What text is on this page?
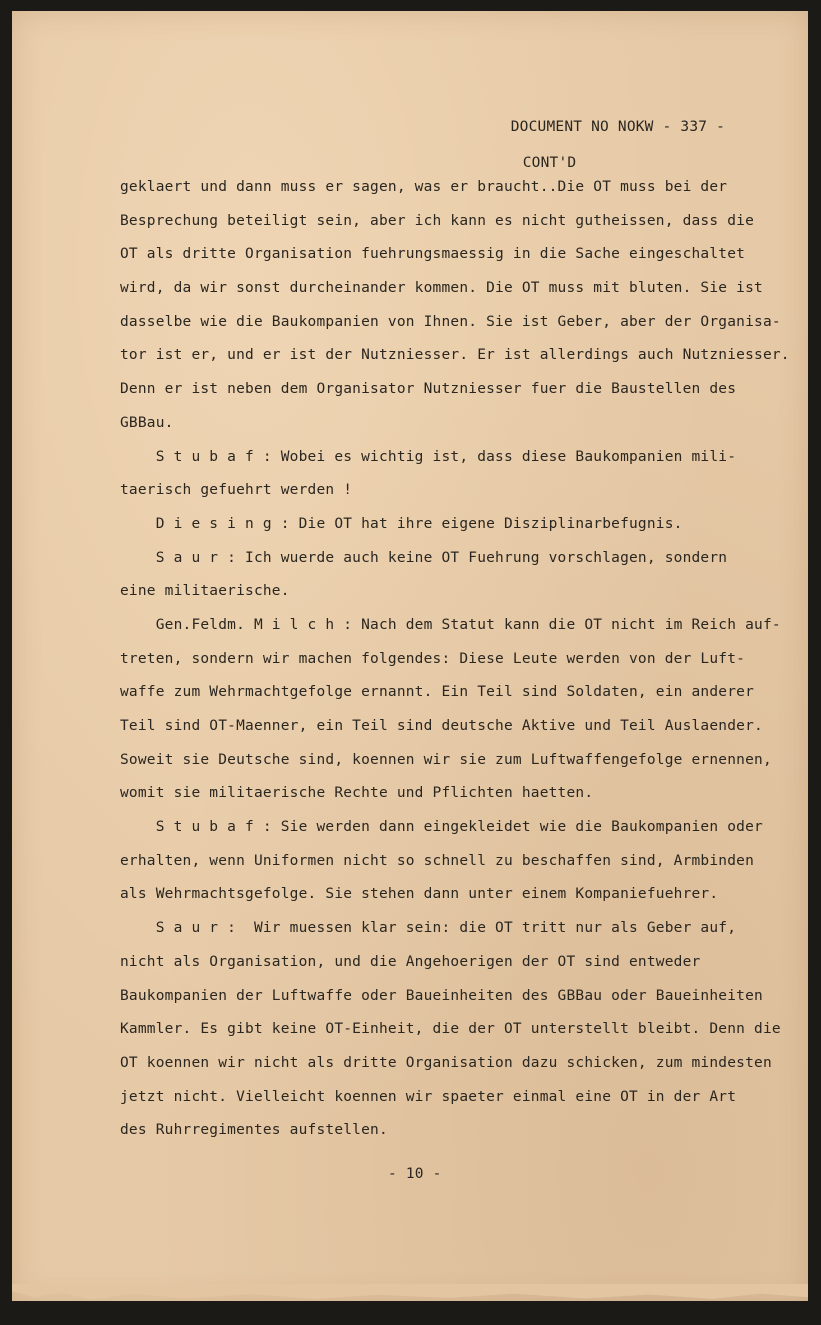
DOCUMENT NO NOKW - 337 -

CONT'D

geklaert und dann muss er sagen, was er braucht..Die OT muss bei der
Besprechung beteiligt sein, aber ich kann es nicht gutheissen, dass die
OT als dritte Organisation fuehrungsmaessig in die Sache eingeschaltet
wird, da wir sonst durcheinander kommen. Die OT muss mit bluten. Sie ist
dasselbe wie die Baukompanien von Ihnen. Sie ist Geber, aber der Organisa-
tor ist er, und er ist der Nutzniesser. Er ist allerdings auch Nutzniesser.
Denn er ist neben dem Organisator Nutzniesser fuer die Baustellen des
GBBau.
S t u b a f : Wobei es wichtig ist, dass diese Baukompanien mili-
taerisch gefuehrt werden !
D i e s i n g : Die OT hat ihre eigene Disziplinarbefugnis.
S a u r : Ich wuerde auch keine OT Fuehrung vorschlagen, sondern
eine militaerische.
Gen.Feldm. M i l c h : Nach dem Statut kann die OT nicht im Reich auf-
treten, sondern wir machen folgendes: Diese Leute werden von der Luft-
waffe zum Wehrmachtgefolge ernannt. Ein Teil sind Soldaten, ein anderer
Teil sind OT-Maenner, ein Teil sind deutsche Aktive und Teil Auslaender.
Soweit sie Deutsche sind, koennen wir sie zum Luftwaffengefolge ernennen,
womit sie militaerische Rechte und Pflichten haetten.
S t u b a f : Sie werden dann eingekleidet wie die Baukompanien oder
erhalten, wenn Uniformen nicht so schnell zu beschaffen sind, Armbinden
als Wehrmachtsgefolge. Sie stehen dann unter einem Kompaniefuehrer.
S a u r :  Wir muessen klar sein: die OT tritt nur als Geber auf,
nicht als Organisation, und die Angehoerigen der OT sind entweder
Baukompanien der Luftwaffe oder Baueinheiten des GBBau oder Baueinheiten
Kammler. Es gibt keine OT-Einheit, die der OT unterstellt bleibt. Denn die
OT koennen wir nicht als dritte Organisation dazu schicken, zum mindesten
jetzt nicht. Vielleicht koennen wir spaeter einmal eine OT in der Art
des Ruhrregimentes aufstellen.
- 10 -
